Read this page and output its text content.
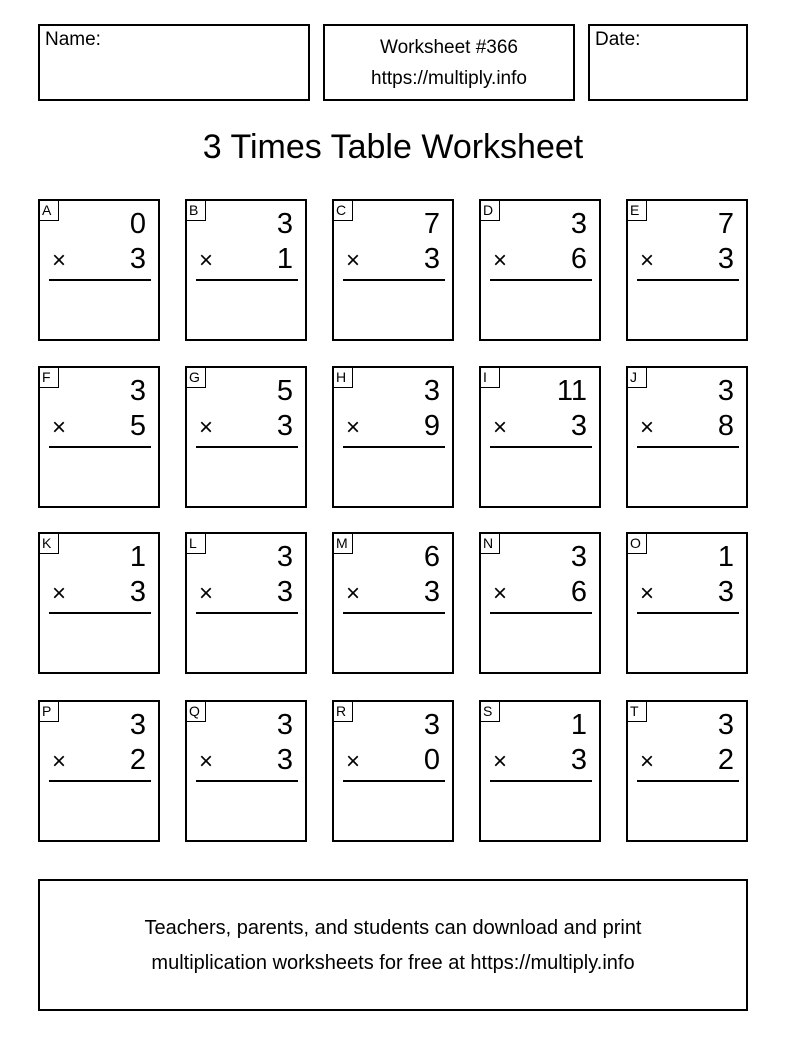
Name:	Worksheet #366
https://multiply.info
Date:
3 Times Table Worksheet
A	0
× 3
B	3
× 1
C	7
× 3
D	3
× 6
E	7
× 3
F	3
× 5
G	5
× 3
H	3
× 9
I	11
× 3
J	3
× 8
K	1
× 3
L	3
× 3
M	6
× 3
N	3
× 6
O	1
× 3
P	3
× 2
Q	3
× 3
R	3
× 0
S	1
× 3
T	3
× 2
Teachers, parents, and students can download and print
multiplication worksheets for free at https://multiply.info
